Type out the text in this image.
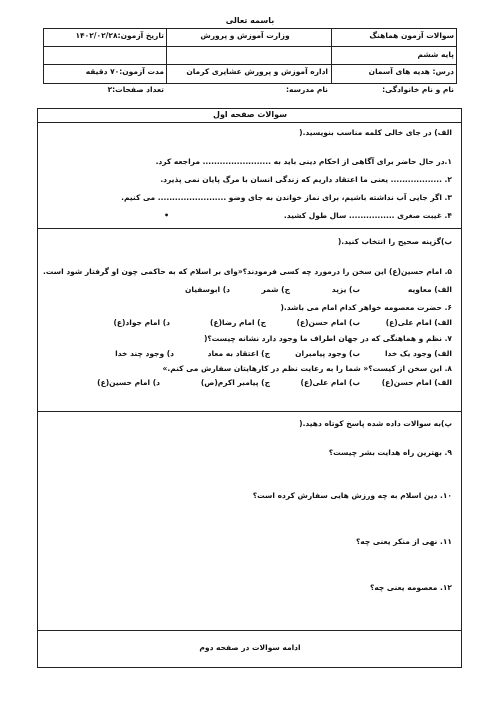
باسمه تعالی
سوالات آزمون هماهنگ
وزارت آموزش و پرورش
تاریخ آزمون:۱۴۰۲/۰۲/۲۸
پایه ششم
درس: هدیه های آسمان
اداره آموزش و پرورش عشایری کرمان
مدت آزمون:۷۰ دقیقه
نام و نام خانوادگی:
نام مدرسه:
تعداد صفحات:۲
سوالات صفحه اول
الف) در جای خالی کلمه مناسب بنویسید.(
۱.در حال حاضر برای آگاهی از احکام دینی باید به ........................ مراجعه کرد.
۲. .................. یعنی ما اعتقاد داریم که زندگی انسان با مرگ پایان نمی پذیرد.
۳. اگر جایی آب نداشته باشیم، برای نماز خواندن به جای وضو ........................ می کنیم.
۴. غیبت صغری ................ سال طول کشید.
•
ب)گزینه صحیح را انتخاب کنید.(
۵. امام حسین(ع) این سخن را درمورد چه کسی فرمودند؟«وای بر اسلام که به حاکمی چون او گرفتار شود است.
الف) معاویه
ب) یزید
ج) شمر
د) ابوسفیان
۶. حضرت معصومه خواهر کدام امام می باشد.(
الف) امام علی(ع)
ب) امام حسن(ع)
ج) امام رضا(ع)
د) امام جواد(ع)
۷. نظم و هماهنگی که در جهان اطراف ما وجود دارد نشانه چیست؟(
الف) وجود یک خدا
ب) وجود پیامبران
ج) اعتقاد به معاد
د) وجود چند خدا
۸. این سخن از کیست؟« شما را به رعایت نظم در کارهایتان سفارش می کنم.»
الف) امام حسن(ع)
ب) امام علی(ع)
ج) پیامبر اکرم(ص)
د) امام حسین(ع)
پ)به سوالات داده شده پاسخ کوتاه دهید.(
۹. بهترین راه هدایت بشر چیست؟
۱۰. دین اسلام به چه ورزش هایی سفارش کرده است؟
۱۱. نهی از منکر یعنی چه؟
۱۲. معصومه یعنی چه؟
ادامه سوالات در صفحه دوم
